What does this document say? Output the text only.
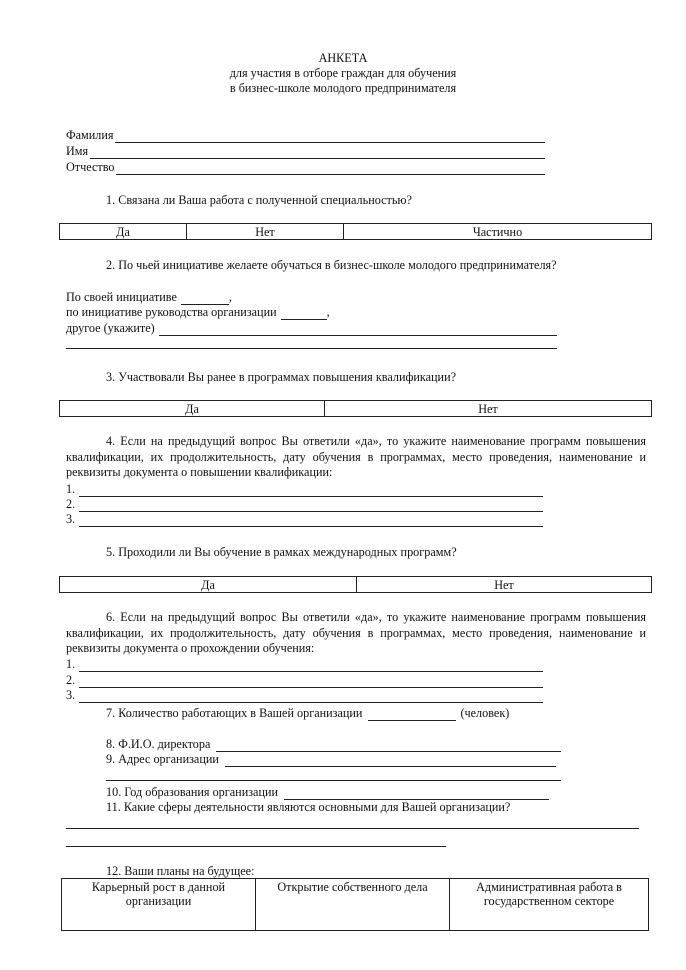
АНКЕТА
для участия в отборе граждан для обучения
в бизнес-школе молодого предпринимателя
Фамилия
Имя
Отчество
1. Связана ли Ваша работа с полученной специальностью?
Да	Нет	Частично
2. По чьей инициативе желаете обучаться в бизнес-школе молодого предпринимателя?
По своей инициативе	,
по инициативе руководства организации	,
другое (укажите)
3. Участвовали Вы ранее в программах повышения квалификации?
Да	Нет

4. Если на предыдущий вопрос Вы ответили «да», то укажите наименование программ повышения квалификации, их продолжительность, дату обучения в программах, место проведения, наименование и реквизиты документа о повышении квалификации:

1.
2.
3.
5. Проходили ли Вы обучение в рамках международных программ?
Да	Нет

6. Если на предыдущий вопрос Вы ответили «да», то укажите наименование программ повышения квалификации, их продолжительность, дату обучения в программах, место проведения, наименование и реквизиты документа о прохождении обучения:

1.
2.
3.
7. Количество работающих в Вашей организации	(человек)
8. Ф.И.О. директора
9. Адрес организации
10. Год образования организации
11. Какие сферы деятельности являются основными для Вашей организации?
12. Ваши планы на будущее:
Карьерный рост в данной организации	Открытие собственного дела	Административная работа в государственном секторе
